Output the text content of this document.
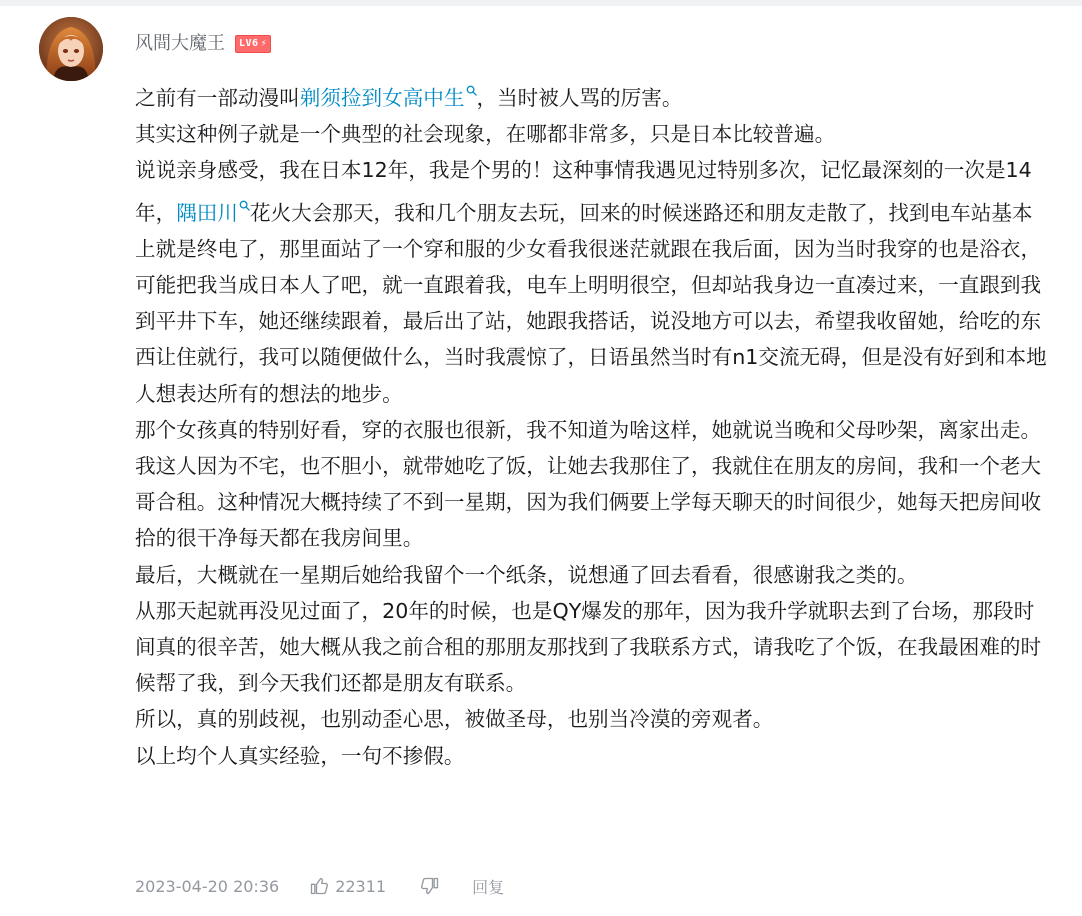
风間大魔王 LV6 ⚡

之前有一部动漫叫剃须捡到女高中生 ，当时被人骂的厉害。

其实这种例子就是一个典型的社会现象，在哪都非常多，只是日本比较普遍。

说说亲身感受，我在日本12年，我是个男的！这种事情我遇见过特别多次，记忆最深刻的一次是14年，隅田川 花火大会那天，我和几个朋友去玩，回来的时候迷路还和朋友走散了，找到电车站基本上就是终电了，那里面站了一个穿和服的少女看我很迷茫就跟在我后面，因为当时我穿的也是浴衣，可能把我当成日本人了吧，就一直跟着我，电车上明明很空，但却站我身边一直凑过来，一直跟到我到平井下车，她还继续跟着，最后出了站，她跟我搭话，说没地方可以去，希望我收留她，给吃的东西让住就行，我可以随便做什么，当时我震惊了，日语虽然当时有n1交流无碍，但是没有好到和本地人想表达所有的想法的地步。

那个女孩真的特别好看，穿的衣服也很新，我不知道为啥这样，她就说当晚和父母吵架，离家出走。

我这人因为不宅，也不胆小，就带她吃了饭，让她去我那住了，我就住在朋友的房间，我和一个老大哥合租。这种情况大概持续了不到一星期，因为我们俩要上学每天聊天的时间很少，她每天把房间收拾的很干净每天都在我房间里。

最后，大概就在一星期后她给我留个一个纸条，说想通了回去看看，很感谢我之类的。

从那天起就再没见过面了，20年的时候，也是QY爆发的那年，因为我升学就职去到了台场，那段时间真的很辛苦，她大概从我之前合租的那朋友那找到了我联系方式，请我吃了个饭，在我最困难的时候帮了我，到今天我们还都是朋友有联系。

所以，真的别歧视，也别动歪心思，被做圣母，也别当冷漠的旁观者。

以上均个人真实经验，一句不掺假。

2023-04-20 20:36	22311	回复
